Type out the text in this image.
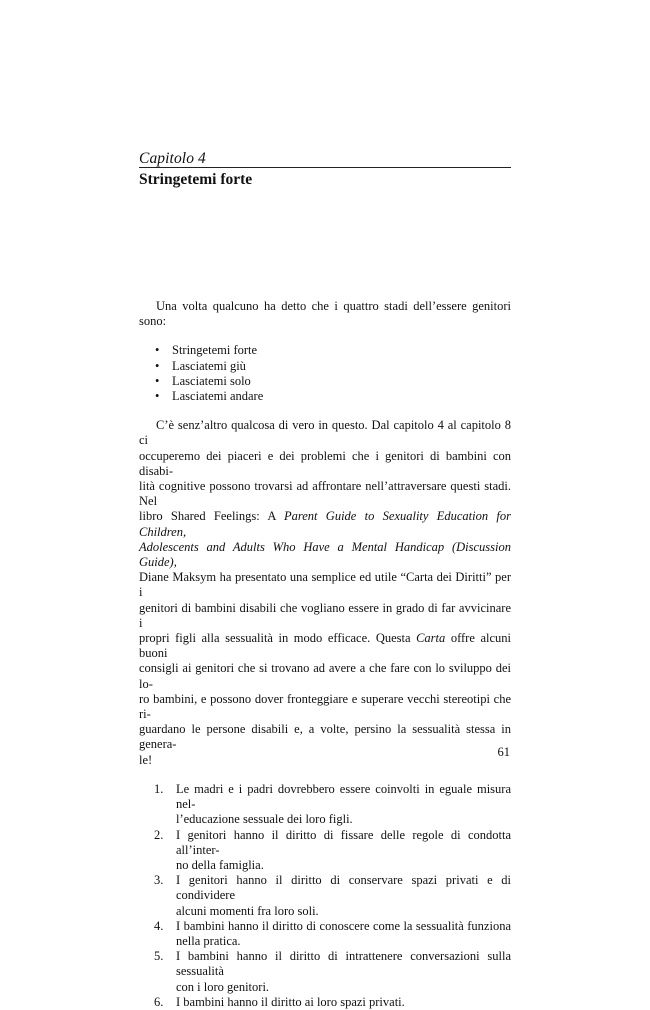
Capitolo 4
Stringetemi forte

Una volta qualcuno ha detto che i quattro stadi dell’essere genitori sono:

• Stringetemi forte
• Lasciatemi giù
• Lasciatemi solo
• Lasciatemi andare
C’è senz’altro qualcosa di vero in questo. Dal capitolo 4 al capitolo 8 ci
occuperemo dei piaceri e dei problemi che i genitori di bambini con disabi-
lità cognitive possono trovarsi ad affrontare nell’attraversare questi stadi. Nel
libro Shared Feelings: A Parent Guide to Sexuality Education for Children,
Adolescents and Adults Who Have a Mental Handicap (Discussion Guide),
Diane Maksym ha presentato una semplice ed utile “Carta dei Diritti” per i
genitori di bambini disabili che vogliano essere in grado di far avvicinare i
propri figli alla sessualità in modo efficace. Questa Carta offre alcuni buoni
consigli ai genitori che si trovano ad avere a che fare con lo sviluppo dei lo-
ro bambini, e possono dover fronteggiare e superare vecchi stereotipi che ri-
guardano le persone disabili e, a volte, persino la sessualità stessa in genera-
le!
1. Le madri e i padri dovrebbero essere coinvolti in eguale misura nel-
l’educazione sessuale dei loro figli.
2. I genitori hanno il diritto di fissare delle regole di condotta all’inter-
no della famiglia.
3. I genitori hanno il diritto di conservare spazi privati e di condividere
alcuni momenti fra loro soli.
4. I bambini hanno il diritto di conoscere come la sessualità funziona
nella pratica.
5. I bambini hanno il diritto di intrattenere conversazioni sulla sessualità
con i loro genitori.
6. I bambini hanno il diritto ai loro spazi privati.
61
